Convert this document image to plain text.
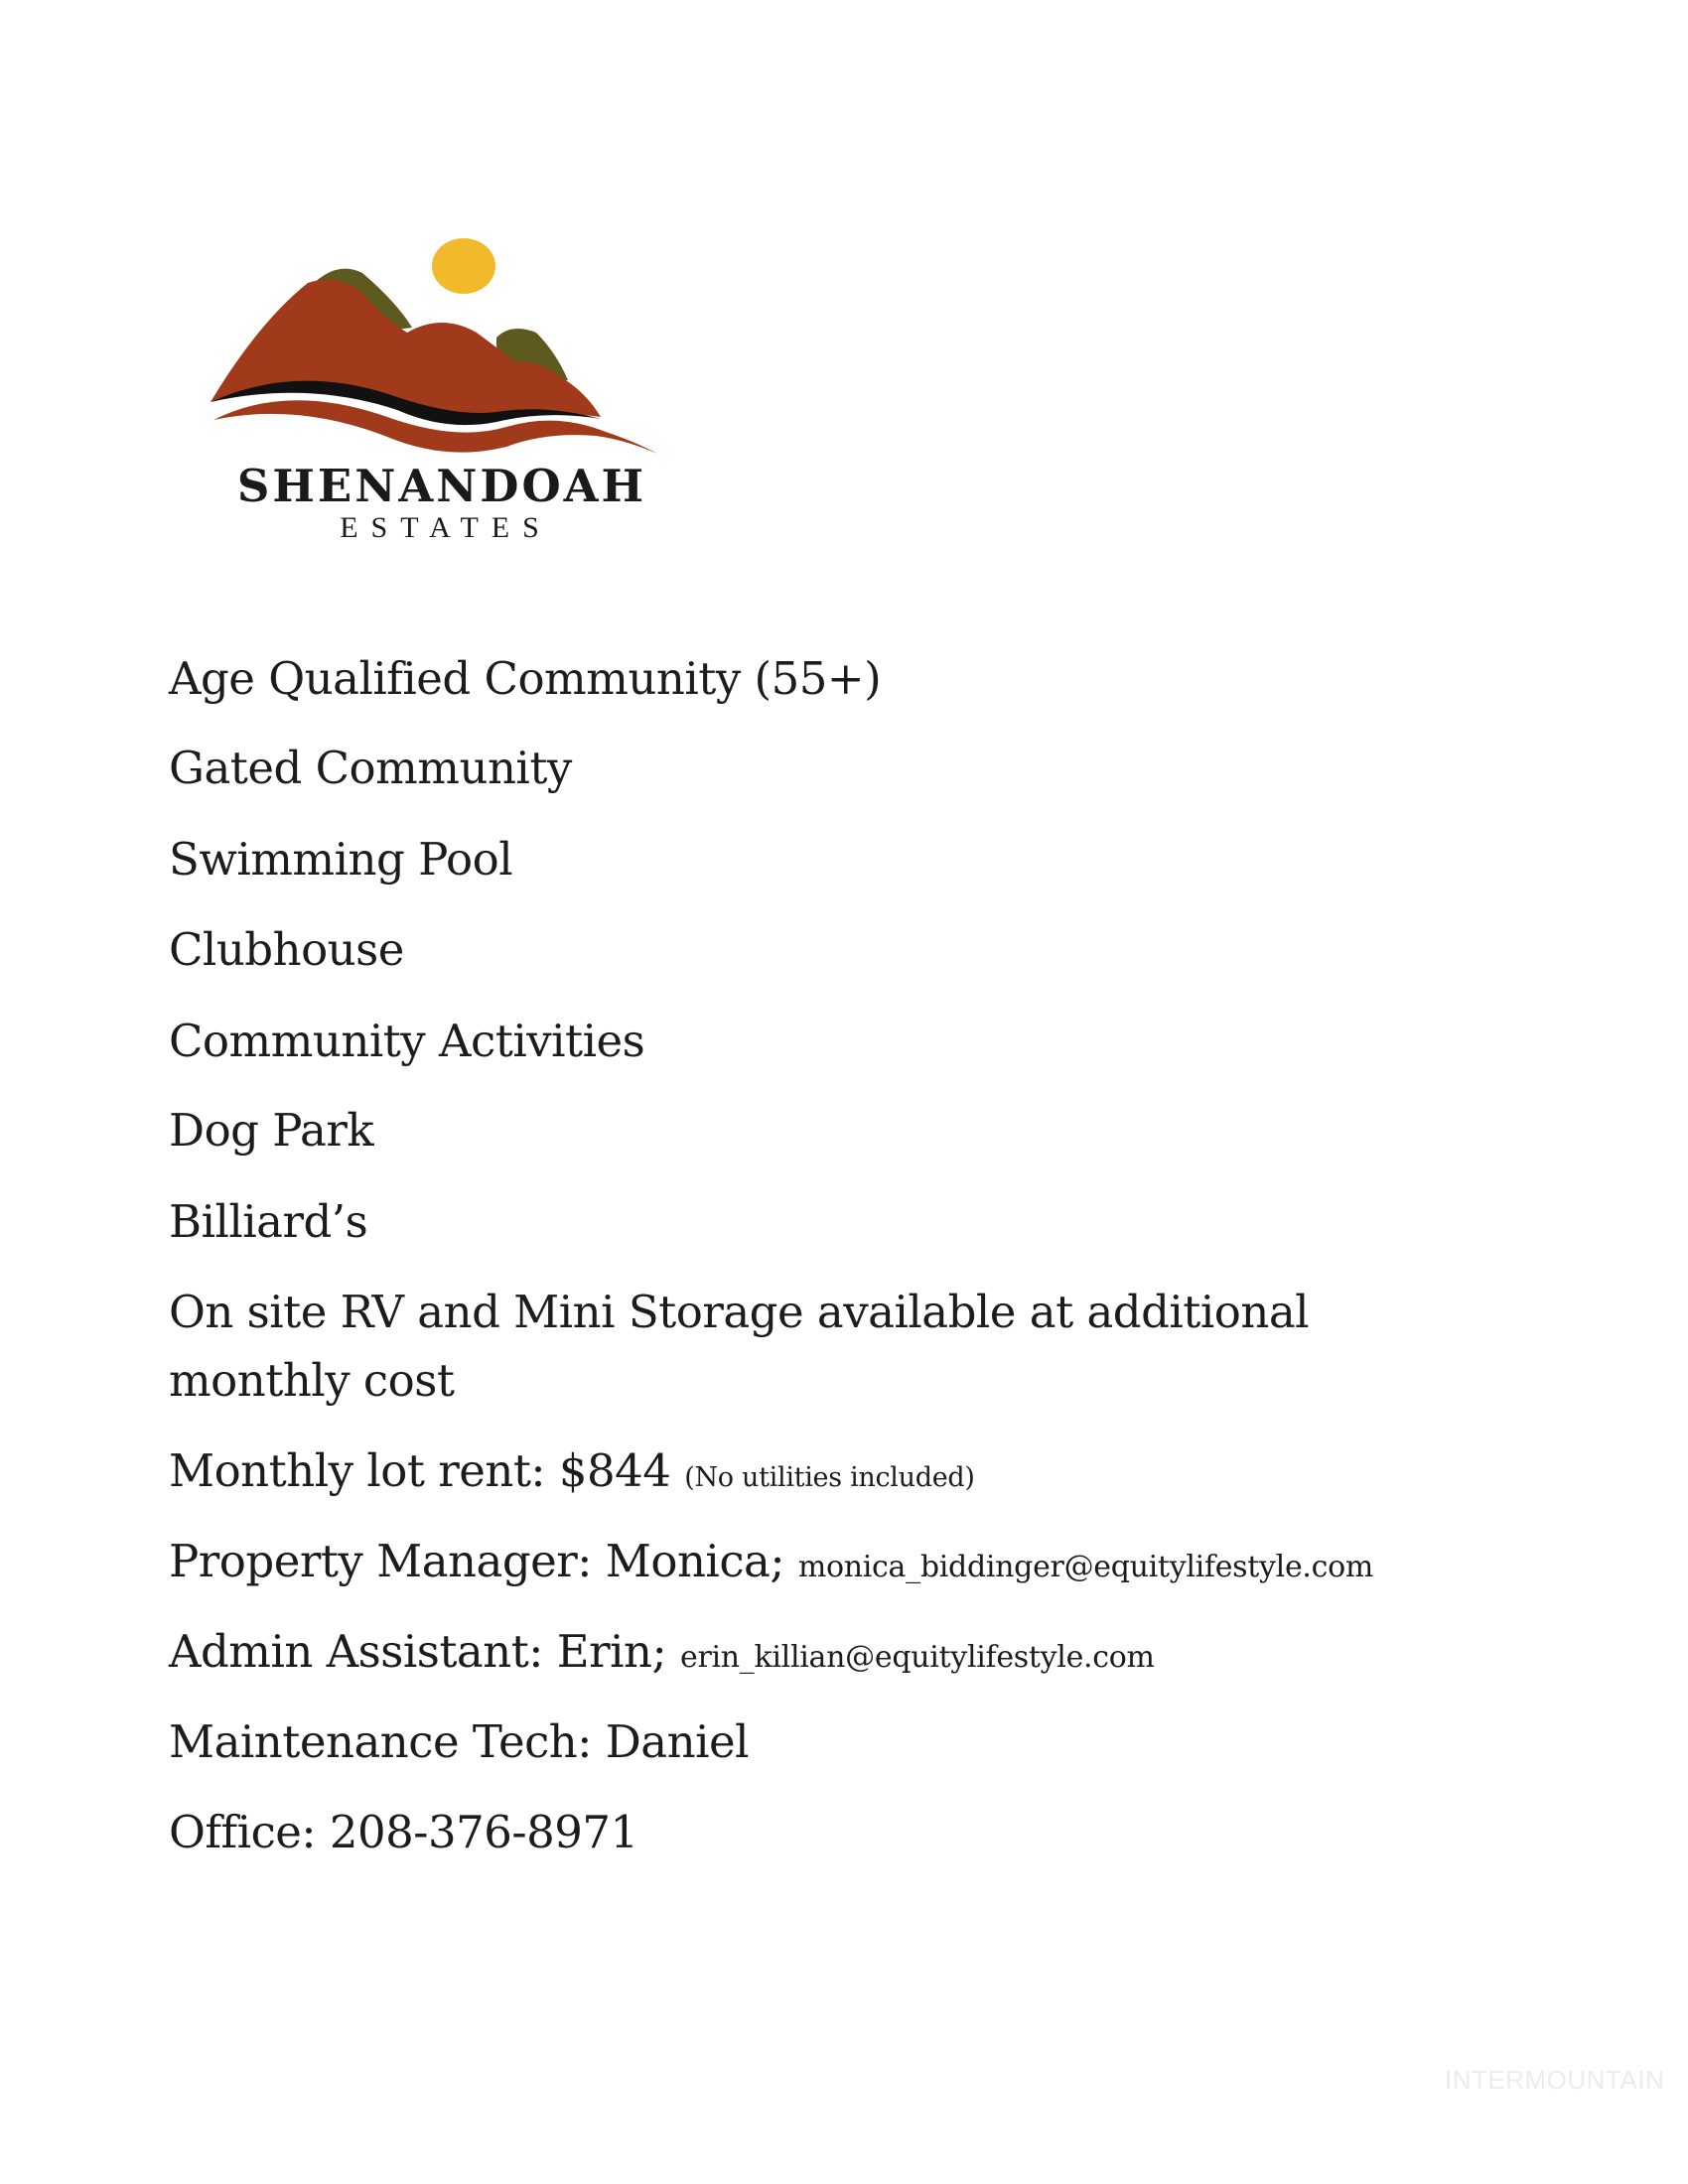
SHENANDOAH
ESTATES
Age Qualified Community (55+)
Gated Community
Swimming Pool
Clubhouse
Community Activities
Dog Park
Billiard’s
On site RV and Mini Storage available at additional
monthly cost
Monthly lot rent: $844 (No utilities included)
Property Manager: Monica; monica_biddinger@equitylifestyle.com
Admin Assistant: Erin; erin_killian@equitylifestyle.com
Maintenance Tech: Daniel
Office: 208-376-8971
INTERMOUNTAIN
